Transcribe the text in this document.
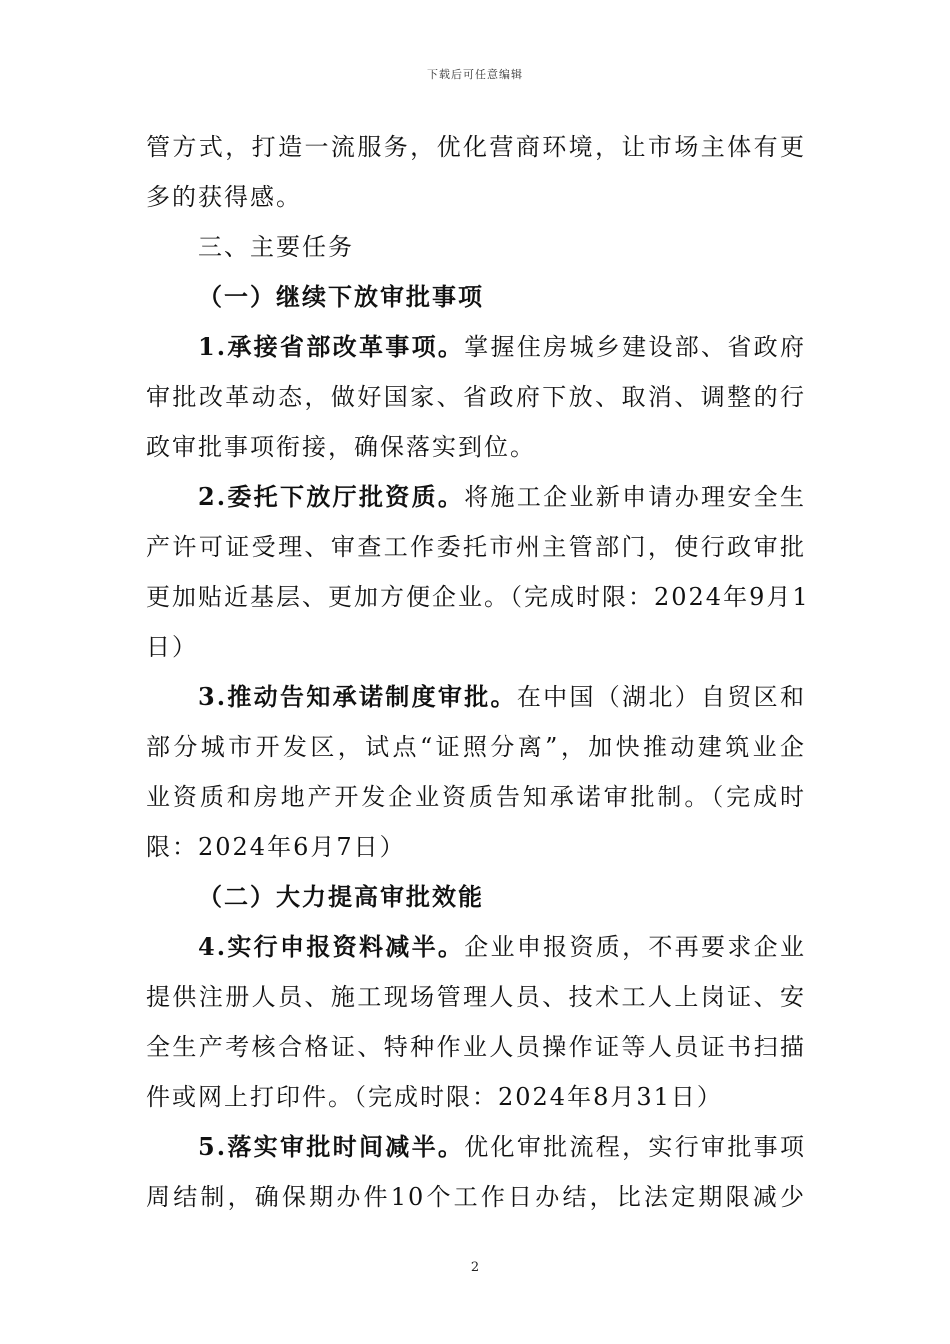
下载后可任意编辑
管方式，打造一流服务，优化营商环境，让市场主体有更
多的获得感。
三、主要任务
（一）继续下放审批事项
1.承接省部改革事项。掌握住房城乡建设部、省政府
审批改革动态，做好国家、省政府下放、取消、调整的行
政审批事项衔接，确保落实到位。
2.委托下放厅批资质。将施工企业新申请办理安全生
产许可证受理、审查工作委托市州主管部门，使行政审批
更加贴近基层、更加方便企业。（完成时限：2024年9月1
日）
3.推动告知承诺制度审批。在中国（湖北）自贸区和
部分城市开发区，试点“证照分离”，加快推动建筑业企
业资质和房地产开发企业资质告知承诺审批制。（完成时
限：2024年6月7日）
（二）大力提高审批效能
4.实行申报资料减半。企业申报资质，不再要求企业
提供注册人员、施工现场管理人员、技术工人上岗证、安
全生产考核合格证、特种作业人员操作证等人员证书扫描
件或网上打印件。（完成时限：2024年8月31日）
5.落实审批时间减半。优化审批流程，实行审批事项
周结制，确保期办件10个工作日办结，比法定期限减少
2
